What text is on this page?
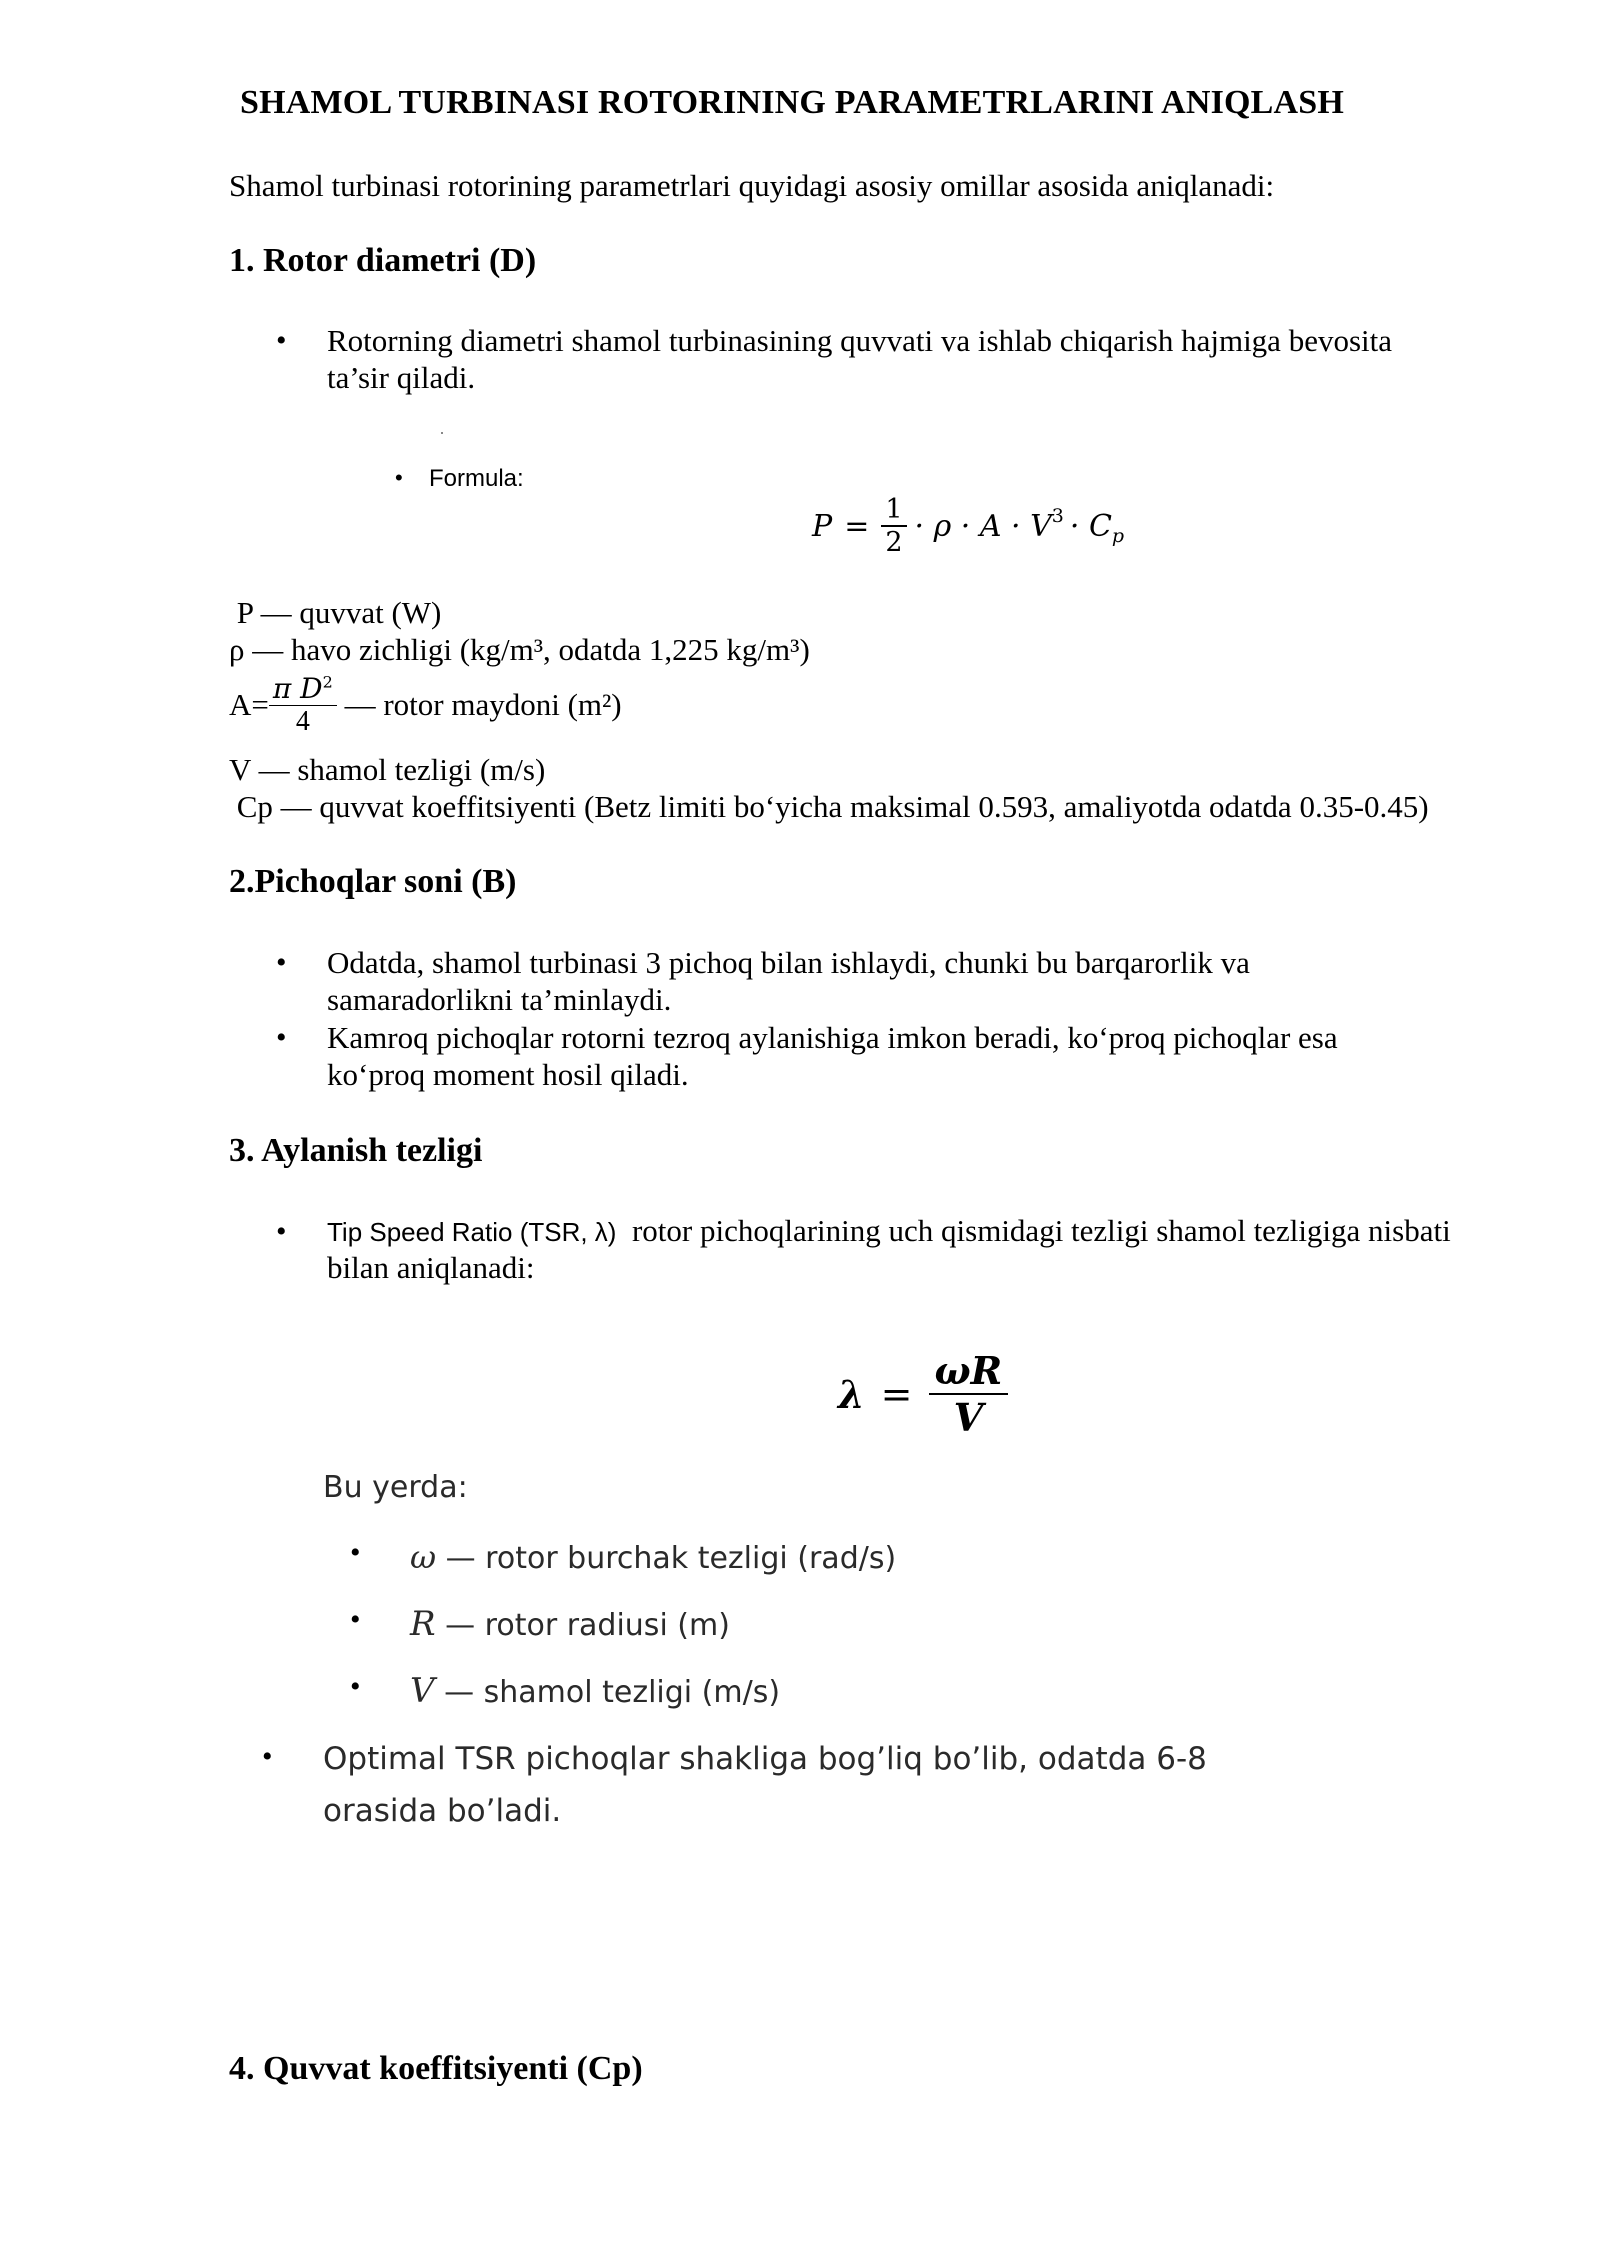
SHAMOL TURBINASI ROTORINING PARAMETRLARINI ANIQLASH
Shamol turbinasi rotorining parametrlari quyidagi asosiy omillar asosida aniqlanadi:
1. Rotor diametri (D)
• Rotorning diametri shamol turbinasining quvvati va ishlab chiqarish hajmiga bevosita
ta’sir qiladi.
• Formula:
$P = \frac{1}{2} \cdot \rho \cdot A \cdot V^3 \cdot C_p$
P — quvvat (W)
ρ — havo zichligi (kg/m³, odatda 1,225 kg/m³)
$A= \frac{\pi D^2}{4}$ — rotor maydoni (m²)
V — shamol tezligi (m/s)
Cp — quvvat koeffitsiyenti (Betz limiti bo‘yicha maksimal 0.593, amaliyotda odatda 0.35-0.45)
2.Pichoqlar soni (B)
• Odatda, shamol turbinasi 3 pichoq bilan ishlaydi, chunki bu barqarorlik va
samaradorlikni ta’minlaydi.
• Kamroq pichoqlar rotorni tezroq aylanishiga imkon beradi, ko‘proq pichoqlar esa
ko‘proq moment hosil qiladi.
3. Aylanish tezligi
• Tip Speed Ratio (TSR, λ)  rotor pichoqlarining uch qismidagi tezligi shamol tezligiga nisbati
bilan aniqlanadi:
$\lambda = \frac{\omega R}{V}$
Bu yerda:
• ω — rotor burchak tezligi (rad/s)
• R — rotor radiusi (m)
• V — shamol tezligi (m/s)
• Optimal TSR pichoqlar shakliga bog’liq bo’lib, odatda 6-8
orasida bo’ladi.
4. Quvvat koeffitsiyenti (Cp)
